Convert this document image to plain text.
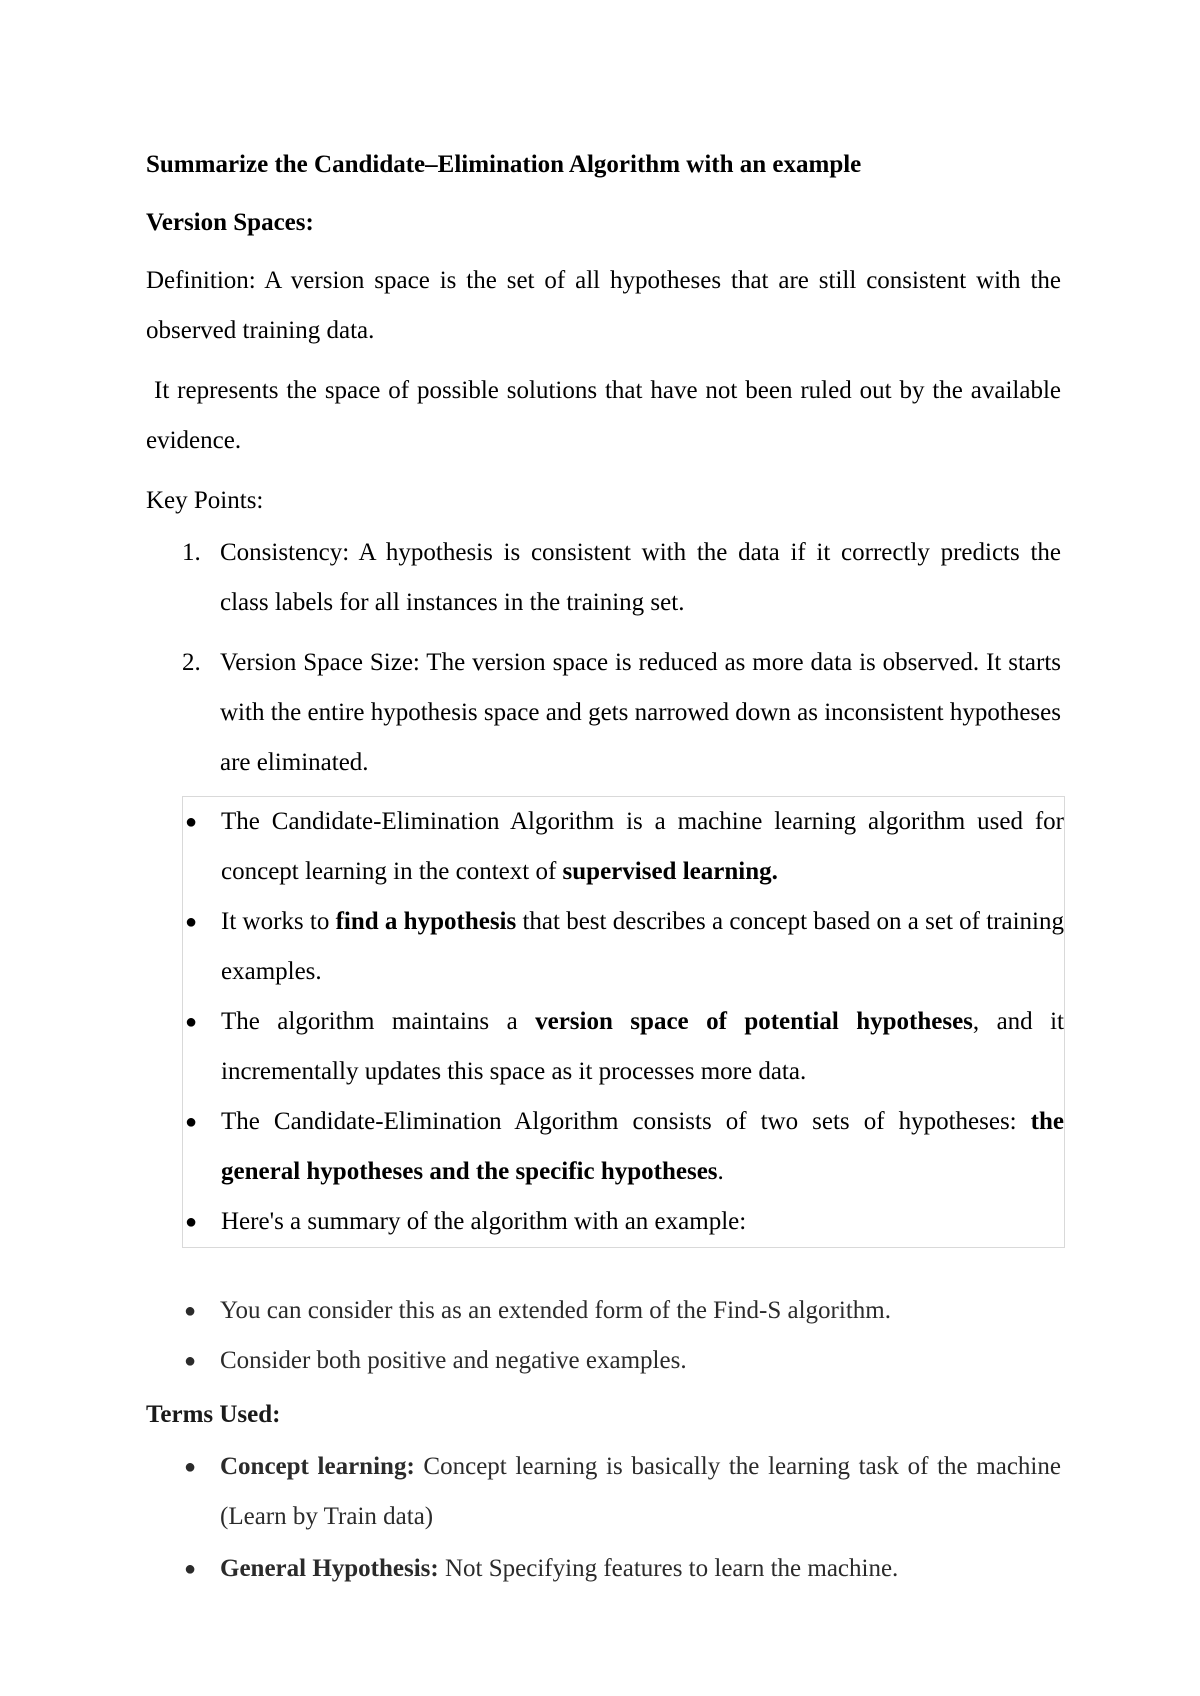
Summarize the Candidate–Elimination Algorithm with an example

Version Spaces:

Definition: A version space is the set of all hypotheses that are still consistent with the observed training data.

It represents the space of possible solutions that have not been ruled out by the available evidence.

Key Points:

1. Consistency: A hypothesis is consistent with the data if it correctly predicts the class labels for all instances in the training set.
2. Version Space Size: The version space is reduced as more data is observed. It starts with the entire hypothesis space and gets narrowed down as inconsistent hypotheses are eliminated.
● The Candidate-Elimination Algorithm is a machine learning algorithm used for concept learning in the context of supervised learning.
● It works to find a hypothesis that best describes a concept based on a set of training examples.
● The algorithm maintains a version space of potential hypotheses, and it incrementally updates this space as it processes more data.
● The Candidate-Elimination Algorithm consists of two sets of hypotheses: the general hypotheses and the specific hypotheses.
● Here's a summary of the algorithm with an example:
● You can consider this as an extended form of the Find-S algorithm.
● Consider both positive and negative examples.

Terms Used:

● Concept learning: Concept learning is basically the learning task of the machine (Learn by Train data)
● General Hypothesis: Not Specifying features to learn the machine.
